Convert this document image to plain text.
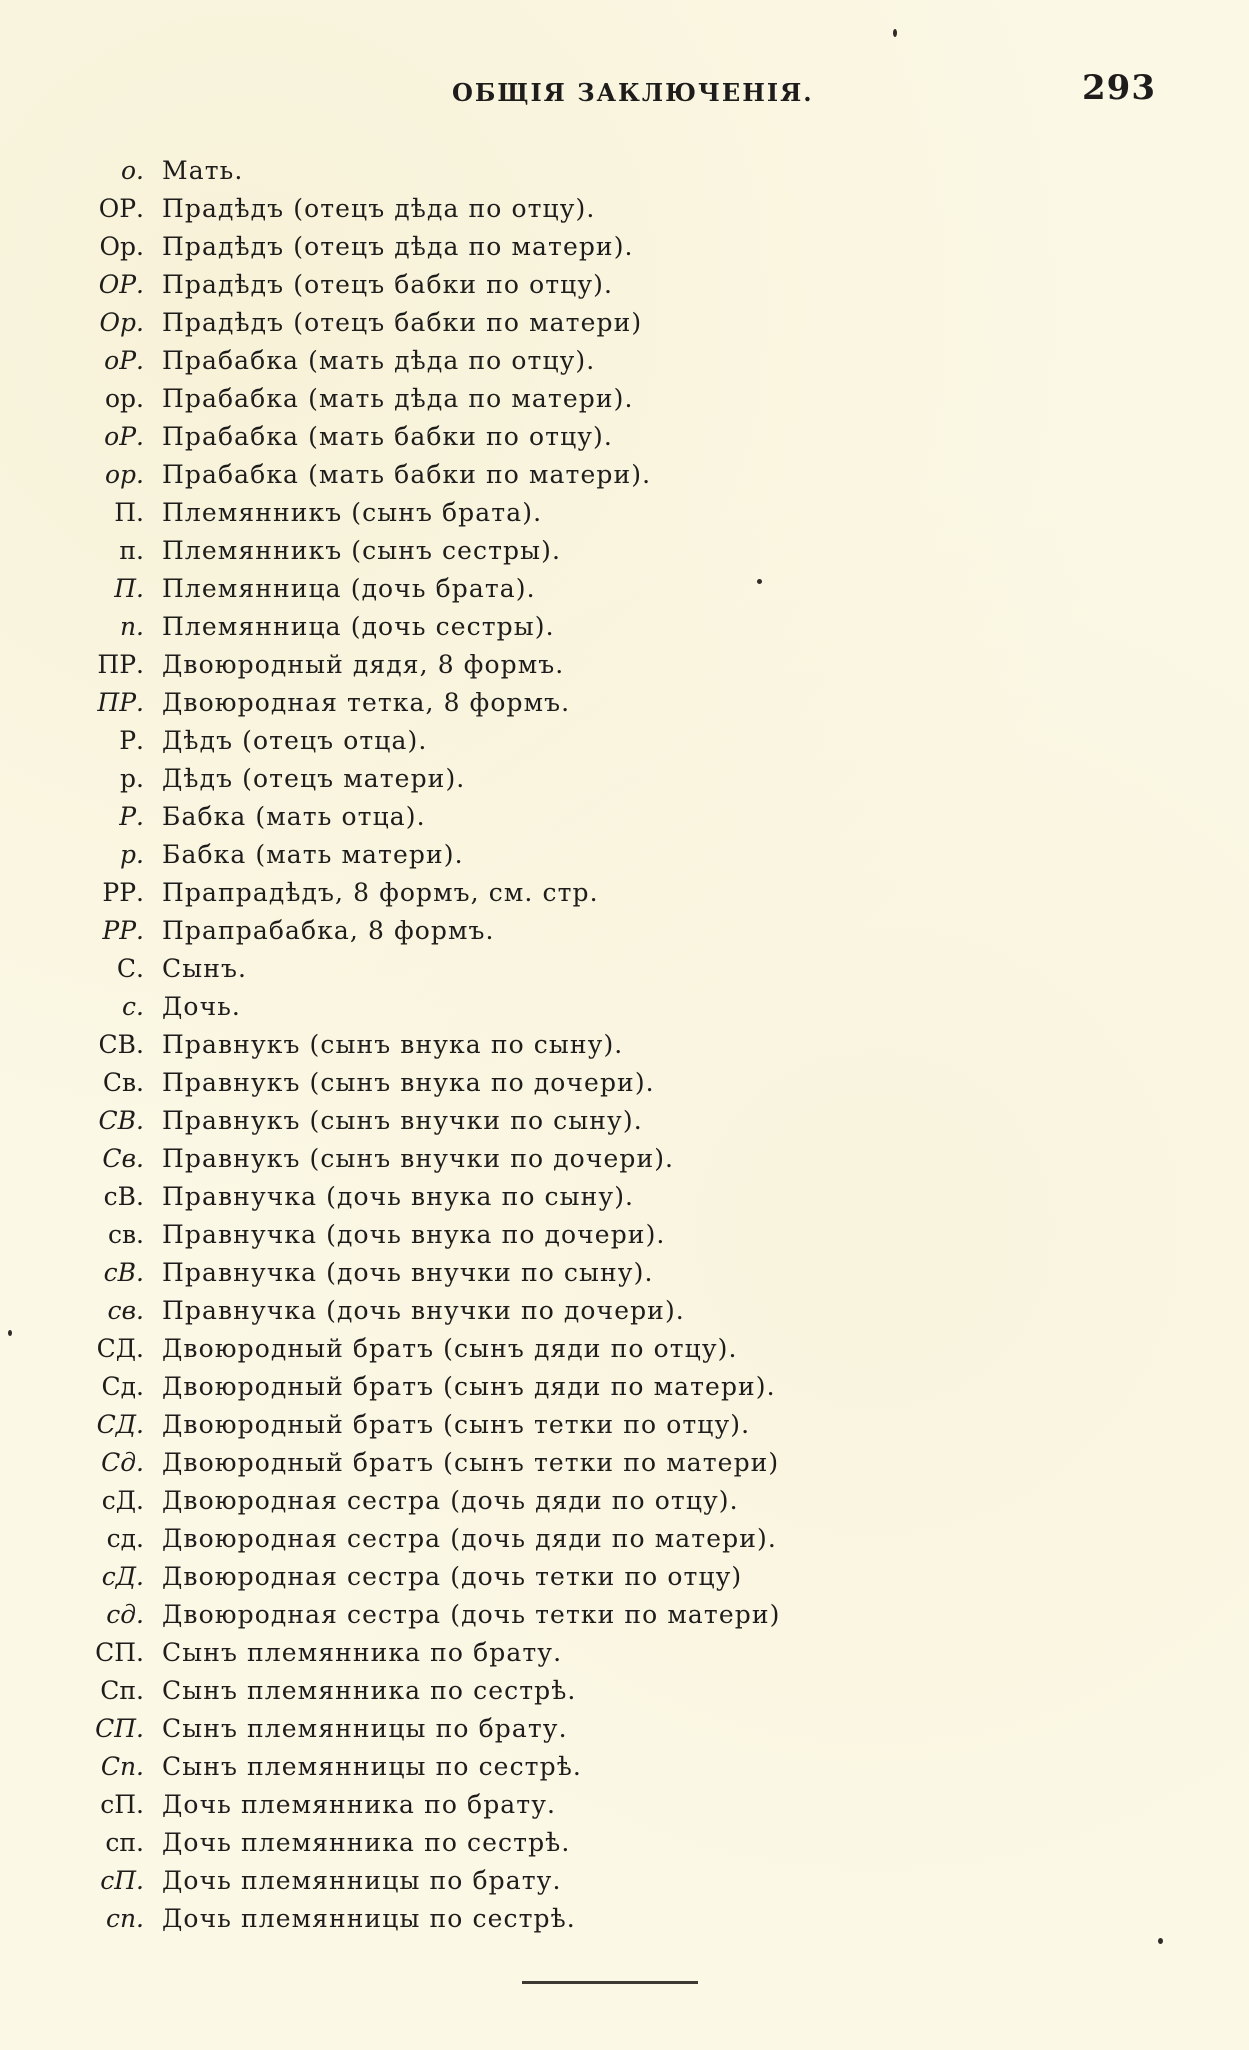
ОБЩІЯ ЗАКЛЮЧЕНІЯ.	293
о. Мать.
ОР. Прадѣдъ (отецъ дѣда по отцу).
Ор. Прадѣдъ (отецъ дѣда по матери).
ОР. Прадѣдъ (отецъ бабки по отцу).
Ор. Прадѣдъ (отецъ бабки по матери)
оР. Прабабка (мать дѣда по отцу).
ор. Прабабка (мать дѣда по матери).
оР. Прабабка (мать бабки по отцу).
ор. Прабабка (мать бабки по матери).
П. Племянникъ (сынъ брата).
п. Племянникъ (сынъ сестры).
П. Племянница (дочь брата).
п. Племянница (дочь сестры).
ПР. Двоюродный дядя, 8 формъ.
ПР. Двоюродная тетка, 8 формъ.
Р. Дѣдъ (отецъ отца).
р. Дѣдъ (отецъ матери).
Р. Бабка (мать отца).
р. Бабка (мать матери).
РР. Прапрадѣдъ, 8 формъ, см. стр.
РР. Прапрабабка, 8 формъ.
С. Сынъ.
с. Дочь.
СВ. Правнукъ (сынъ внука по сыну).
Св. Правнукъ (сынъ внука по дочери).
СВ. Правнукъ (сынъ внучки по сыну).
Св. Правнукъ (сынъ внучки по дочери).
сВ. Правнучка (дочь внука по сыну).
св. Правнучка (дочь внука по дочери).
сВ. Правнучка (дочь внучки по сыну).
св. Правнучка (дочь внучки по дочери).
СД. Двоюродный братъ (сынъ дяди по отцу).
Сд. Двоюродный братъ (сынъ дяди по матери).
СД. Двоюродный братъ (сынъ тетки по отцу).
Сд. Двоюродный братъ (сынъ тетки по матери)
сД. Двоюродная сестра (дочь дяди по отцу).
сд. Двоюродная сестра (дочь дяди по матери).
сД. Двоюродная сестра (дочь тетки по отцу)
сд. Двоюродная сестра (дочь тетки по матери)
СП. Сынъ племянника по брату.
Сп. Сынъ племянника по сестрѣ.
СП. Сынъ племянницы по брату.
Сп. Сынъ племянницы по сестрѣ.
сП. Дочь племянника по брату.
сп. Дочь племянника по сестрѣ.
сП. Дочь племянницы по брату.
сп. Дочь племянницы по сестрѣ.
